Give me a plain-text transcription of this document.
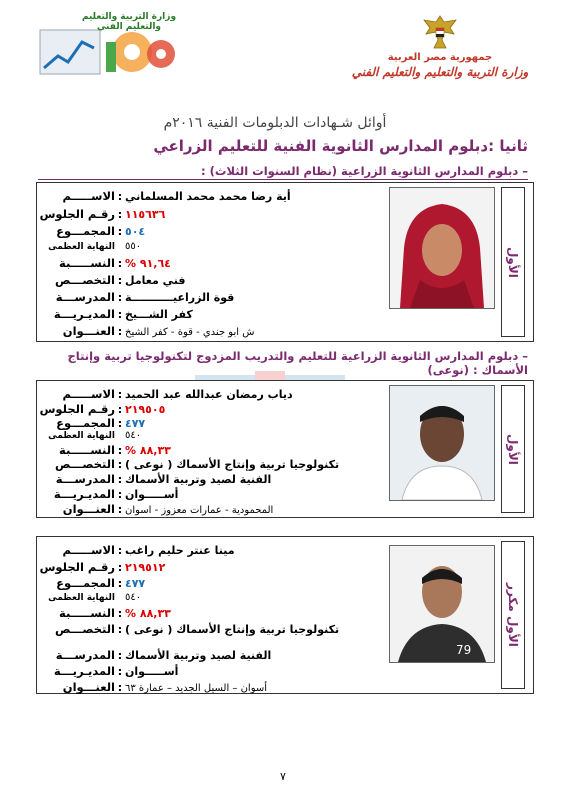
وزارة التربية والتعليم والتعليم الفني
جمهورية مصر العربية
وزارة التربية والتعليم والتعليم الفني
أوائل شـهادات الدبلومات الفنية ٢٠١٦م
ثانيا :دبلوم المدارس الثانوية الفنية للتعليم الزراعي
– دبلوم المدارس الثانوية الزراعية (نظام السنوات الثلاث) :
– دبلوم المدارس الثانوية الزراعية للتعليم والتدريب المزدوج لتكنولوجيا تربية وإنتاج الأسماك : (نوعى)
الأول
الاســـــم : أية رضا محمد محمد المسلماني
رقـم الجلوس : ١١٥٦٣٦
المجمـــوع : ٥٠٤
النهاية العظمى ٥٥٠
النســـــبة : ٩١,٦٤ %
التخصـــص : فني معامل
المدرســـة : قوة الزراعيـــــــــــة
المديـريـــة : كفر الشـــيخ
العنـــوان : ش ابو جندي - قوة - كفر الشيخ
الأول
الاســـــم : دياب رمضان عبدالله عبد الحميد
رقـم الجلوس : ٢١٩٥٠٥
المجمـــوع : ٤٧٧
النهاية العظمى ٥٤٠
النســـــبة : ٨٨,٣٣ %
التخصـــص : تكنولوجيا تربية وإنتاج الأسماك ( نوعى )
المدرســـة : الفنية لصيد وتربية الأسماك
المديـريـــة : أســـــوان
العنـــوان : المحمودية - عمارات معزوز - اسوان
الأول مكرر
79
الاســـــم : مينا عنتر حليم راغب
رقـم الجلوس : ٢١٩٥١٢
المجمـــوع : ٤٧٧
النهاية العظمى ٥٤٠
النســـــبة : ٨٨,٣٣ %
التخصـــص : تكنولوجيا تربية وإنتاج الأسماك ( نوعى )
المدرســـة : الفنية لصيد وتربية الأسماك
المديـريـــة : أســـــوان
العنـــوان : أسوان – السيل الجديد – عمارة ٦٣
٧
